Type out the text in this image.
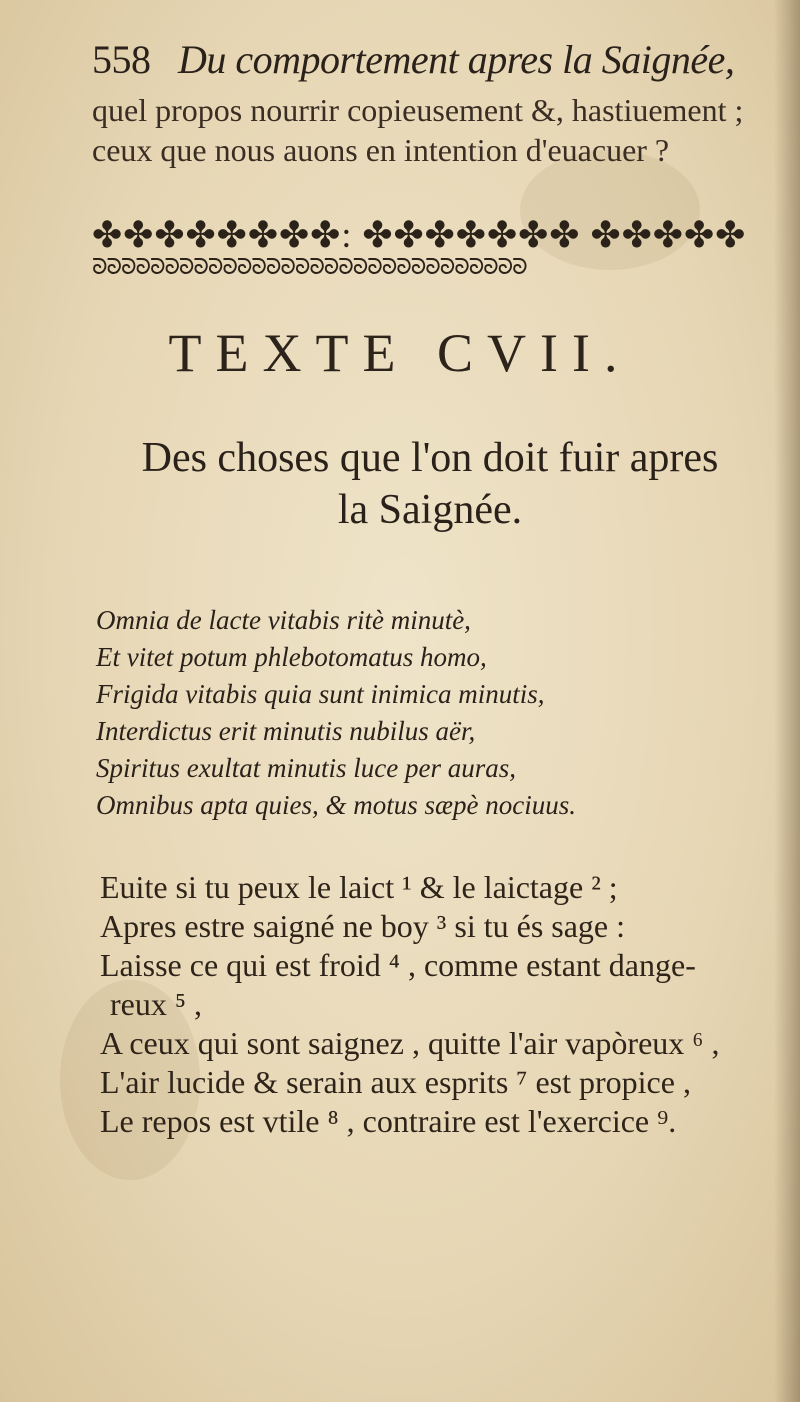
558 Du comportement apres la Saignée,
quel propos nourrir copieusement &, hastiuement ;
ceux que nous auons en intention d'euacuer ?
✤✤✤✤✤✤✤✤: ✤✤✤✤✤✤✤ ✤✤✤✤✤
ᘐᘐᘐᘐᘐᘐᘐᘐᘐᘐᘐᘐᘐᘐᘐᘐᘐᘐᘐᘐᘐᘐᘐᘐᘐᘐᘐᘐᘐᘐ
TEXTE CVII.
Des choses que l'on doit fuir apres
la Saignée.
Omnia de lacte vitabis ritè minutè,
Et vitet potum phlebotomatus homo,
Frigida vitabis quia sunt inimica minutis,
Interdictus erit minutis nubilus aër,
Spiritus exultat minutis luce per auras,
Omnibus apta quies, & motus sæpè nociuus.
Euite si tu peux le laict ¹ & le laictage ² ;
Apres estre saigné ne boy ³ si tu és sage :
Laisse ce qui est froid ⁴ , comme estant dange-
reux ⁵ ,
A ceux qui sont saignez , quitte l'air vapòreux ⁶ ,
L'air lucide & serain aux esprits ⁷ est propice ,
Le repos est vtile ⁸ , contraire est l'exercice ⁹.
